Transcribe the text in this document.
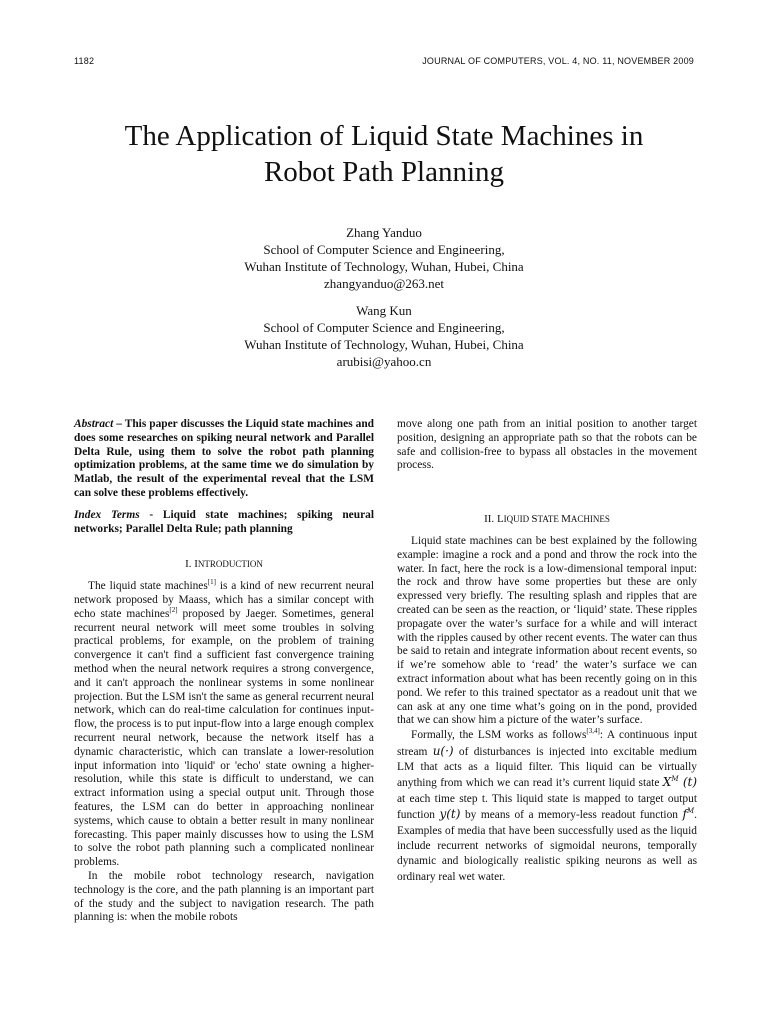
1182	JOURNAL OF COMPUTERS, VOL. 4, NO. 11, NOVEMBER 2009
The Application of Liquid State Machines in
Robot Path Planning
Zhang Yanduo
School of Computer Science and Engineering,
Wuhan Institute of Technology, Wuhan, Hubei, China
zhangyanduo@263.net
Wang Kun
School of Computer Science and Engineering,
Wuhan Institute of Technology, Wuhan, Hubei, China
arubisi@yahoo.cn

Abstract – This paper discusses the Liquid state machines and does some researches on spiking neural network and Parallel Delta Rule, using them to solve the robot path planning optimization problems, at the same time we do simulation by Matlab, the result of the experimental reveal that the LSM can solve these problems effectively.

Index Terms - Liquid state machines; spiking neural networks; Parallel Delta Rule; path planning

I. INTRODUCTION

The liquid state machines[1] is a kind of new recurrent neural network proposed by Maass, which has a similar concept with echo state machines[2] proposed by Jaeger. Sometimes, general recurrent neural network will meet some troubles in solving practical problems, for example, on the problem of training convergence it can't find a sufficient fast convergence training method when the neural network requires a strong convergence, and it can't approach the nonlinear systems in some nonlinear projection. But the LSM isn't the same as general recurrent neural network, which can do real-time calculation for continues input-flow, the process is to put input-flow into a large enough complex recurrent neural network, because the network itself has a dynamic characteristic, which can translate a lower-resolution input information into 'liquid' or 'echo' state owning a higher-resolution, while this state is difficult to understand, we can extract information using a special output unit. Through those features, the LSM can do better in approaching nonlinear systems, which cause to obtain a better result in many nonlinear forecasting. This paper mainly discusses how to using the LSM to solve the robot path planning such a complicated nonlinear problems.

In the mobile robot technology research, navigation technology is the core, and the path planning is an important part of the study and the subject to navigation research. The path planning is: when the mobile robots

move along one path from an initial position to another target position, designing an appropriate path so that the robots can be safe and collision-free to bypass all obstacles in the movement process.

II. LIQUID STATE MACHINES

Liquid state machines can be best explained by the following example: imagine a rock and a pond and throw the rock into the water. In fact, here the rock is a low-dimensional temporal input: the rock and throw have some properties but these are only expressed very briefly. The resulting splash and ripples that are created can be seen as the reaction, or ‘liquid’ state. These ripples propagate over the water’s surface for a while and will interact with the ripples caused by other recent events. The water can thus be said to retain and integrate information about recent events, so if we’re somehow able to ‘read’ the water’s surface we can extract information about what has been recently going on in this pond. We refer to this trained spectator as a readout unit that we can ask at any one time what’s going on in the pond, provided that we can show him a picture of the water’s surface.

Formally, the LSM works as follows[3,4]: A continuous input stream u(·) of disturbances is injected into excitable medium LM that acts as a liquid filter. This liquid can be virtually anything from which we can read it’s current liquid state $X^M$ (t) at each time step t. This liquid state is mapped to target output function y(t) by means of a memory-less readout function $f^M$. Examples of media that have been successfully used as the liquid include recurrent networks of sigmoidal neurons, temporally dynamic and biologically realistic spiking neurons as well as ordinary real wet water.
